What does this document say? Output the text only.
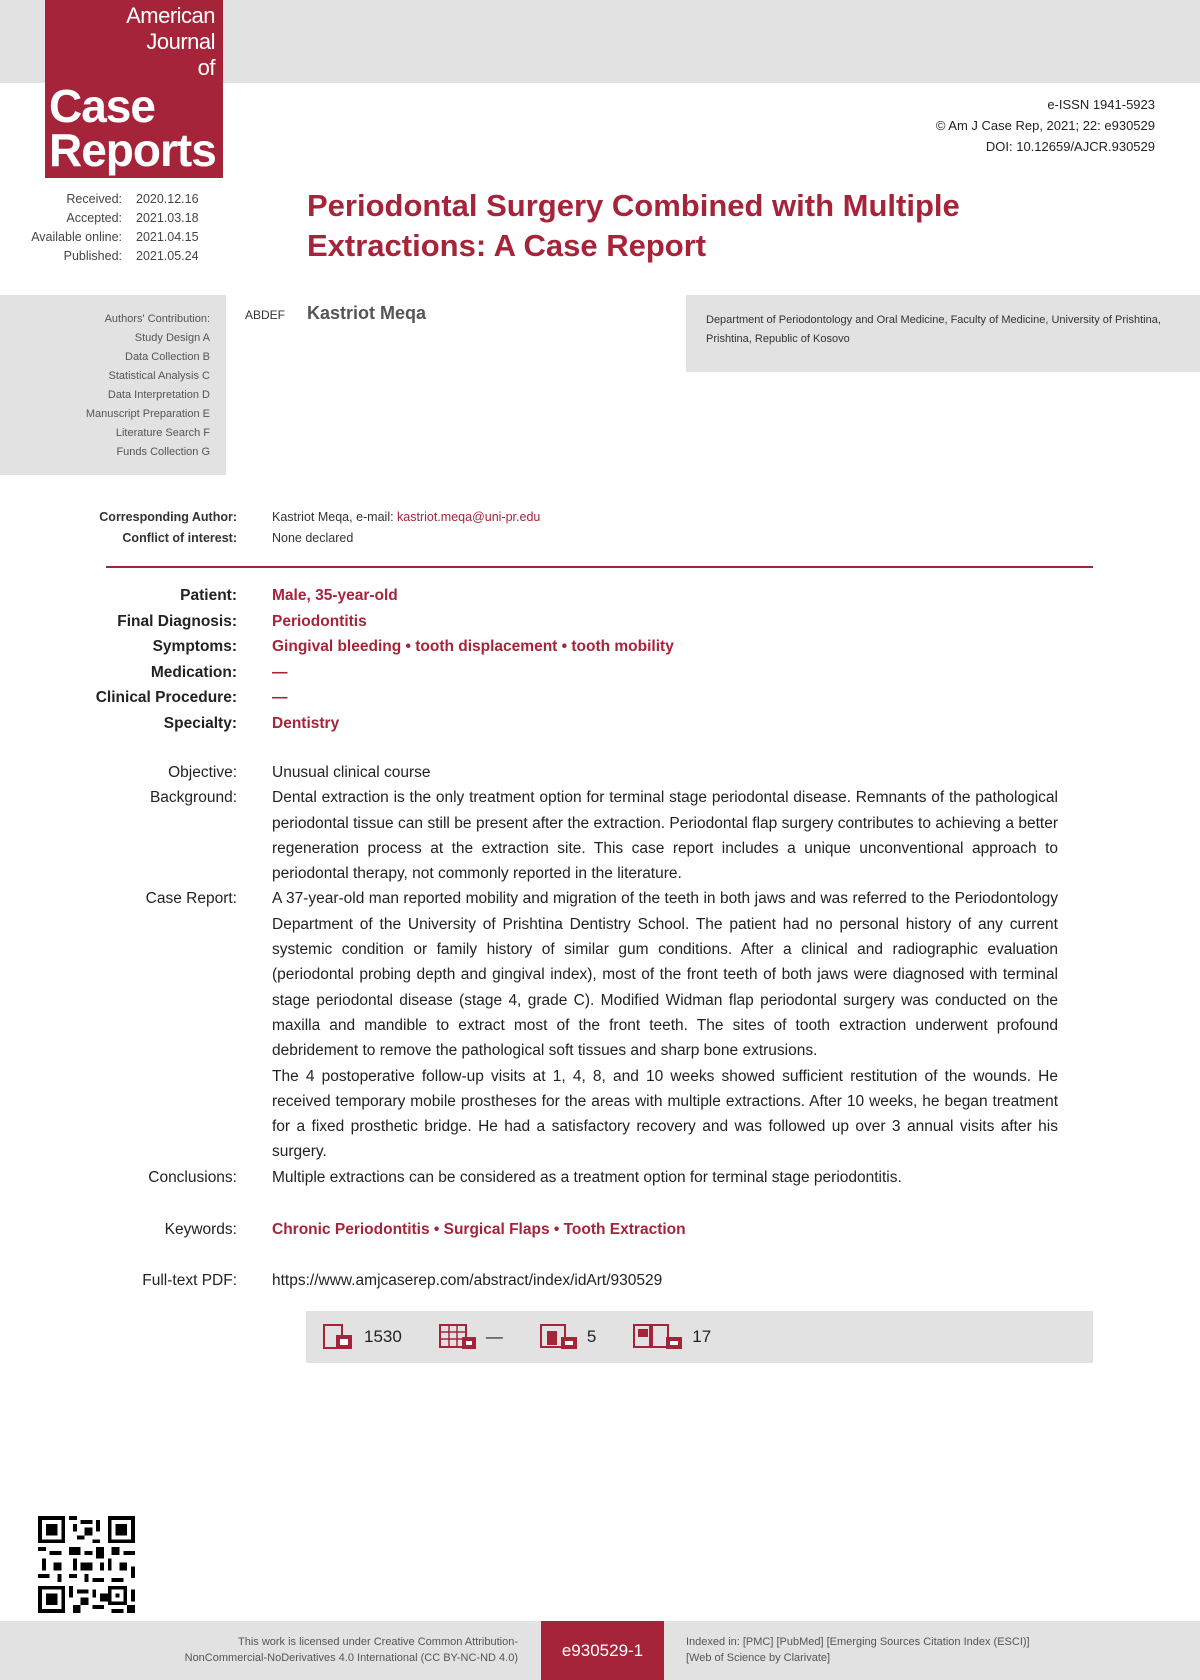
American
Journal
of
Case
Reports
e-ISSN 1941-5923
© Am J Case Rep, 2021; 22: e930529
DOI: 10.12659/AJCR.930529
Received:	2020.12.16
Accepted:	2021.03.18
Available online:	2021.04.15
Published:	2021.05.24
Periodontal Surgery Combined with Multiple
Extractions: A Case Report
Authors' Contribution:
Study Design A
Data Collection B
Statistical Analysis C
Data Interpretation D
Manuscript Preparation E
Literature Search F
Funds Collection G
ABDEF Kastriot Meqa	Department of Periodontology and Oral Medicine, Faculty of Medicine, University of Prishtina, Prishtina, Republic of Kosovo
Corresponding Author:	Kastriot Meqa, e-mail: kastriot.meqa@uni-pr.edu
Conflict of interest:	None declared
Patient:	Male, 35-year-old
Final Diagnosis:	Periodontitis
Symptoms:	Gingival bleeding • tooth displacement • tooth mobility
Medication:	—
Clinical Procedure:	—
Specialty:	Dentistry
Objective:	Unusual clinical course
Background:	Dental extraction is the only treatment option for terminal stage periodontal disease. Remnants of the pathological periodontal tissue can still be present after the extraction. Periodontal flap surgery contributes to achieving a better regeneration process at the extraction site. This case report includes a unique unconventional approach to periodontal therapy, not commonly reported in the literature.
Case Report:	A 37-year-old man reported mobility and migration of the teeth in both jaws and was referred to the Periodontology Department of the University of Prishtina Dentistry School. The patient had no personal history of any current systemic condition or family history of similar gum conditions. After a clinical and radiographic evaluation (periodontal probing depth and gingival index), most of the front teeth of both jaws were diagnosed with terminal stage periodontal disease (stage 4, grade C). Modified Widman flap periodontal surgery was conducted on the maxilla and mandible to extract most of the front teeth. The sites of tooth extraction underwent profound debridement to remove the pathological soft tissues and sharp bone extrusions.
The 4 postoperative follow-up visits at 1, 4, 8, and 10 weeks showed sufficient restitution of the wounds. He received temporary mobile prostheses for the areas with multiple extractions. After 10 weeks, he began treatment for a fixed prosthetic bridge. He had a satisfactory recovery and was followed up over 3 annual visits after his surgery.
Conclusions:	Multiple extractions can be considered as a treatment option for terminal stage periodontitis.
Keywords:	Chronic Periodontitis • Surgical Flaps • Tooth Extraction
Full-text PDF:	https://www.amjcaserep.com/abstract/index/idArt/930529
1530	—	5	17
This work is licensed under Creative Common Attribution-
NonCommercial-NoDerivatives 4.0 International (CC BY-NC-ND 4.0)	e930529-1	Indexed in: [PMC] [PubMed] [Emerging Sources Citation Index (ESCI)]
[Web of Science by Clarivate]
